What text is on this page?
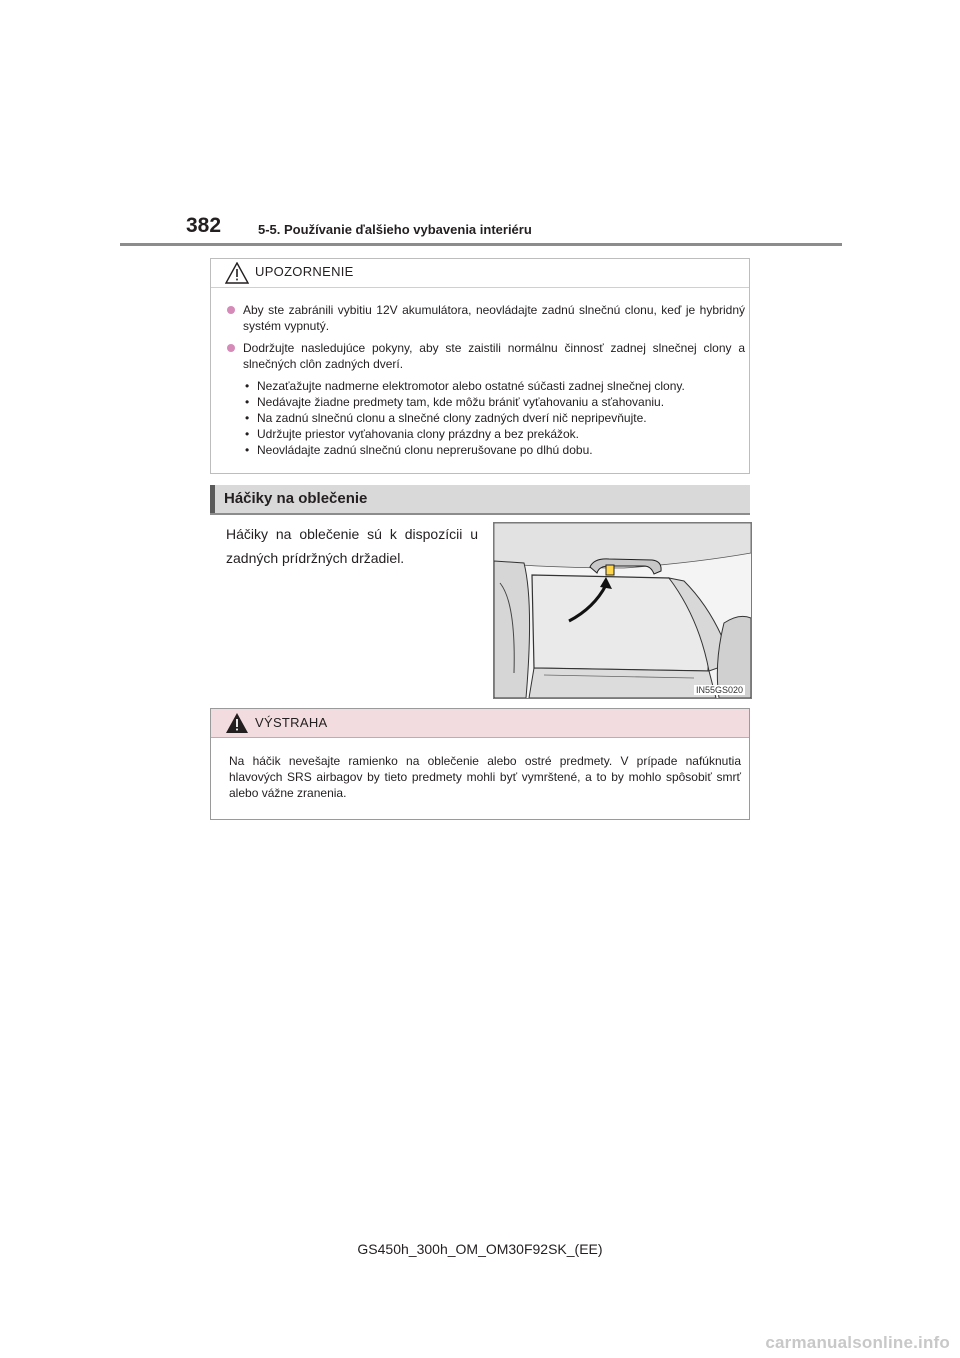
382	5-5. Používanie ďalšieho vybavenia interiéru
UPOZORNENIE
Aby ste zabránili vybitiu 12V akumulátora, neovládajte zadnú slnečnú clonu, keď je hybridný systém vypnutý.
Dodržujte nasledujúce pokyny, aby ste zaistili normálnu činnosť zadnej slnečnej clony a slnečných clôn zadných dverí.
• Nezaťažujte nadmerne elektromotor alebo ostatné súčasti zadnej slnečnej clony.
• Nedávajte žiadne predmety tam, kde môžu brániť vyťahovaniu a sťahovaniu.
• Na zadnú slnečnú clonu a slnečné clony zadných dverí nič nepripevňujte.
• Udržujte priestor vyťahovania clony prázdny a bez prekážok.
• Neovládajte zadnú slnečnú clonu neprerušovane po dlhú dobu.
Háčiky na oblečenie
Háčiky na oblečenie sú k dispozícii u zadných prídržných držadiel.
IN55GS020
VÝSTRAHA
Na háčik nevešajte ramienko na oblečenie alebo ostré predmety. V prípade nafúknutia hlavových SRS airbagov by tieto predmety mohli byť vymrštené, a to by mohlo spôsobiť smrť alebo vážne zranenia.
GS450h_300h_OM_OM30F92SK_(EE)
carmanualsonline.info
